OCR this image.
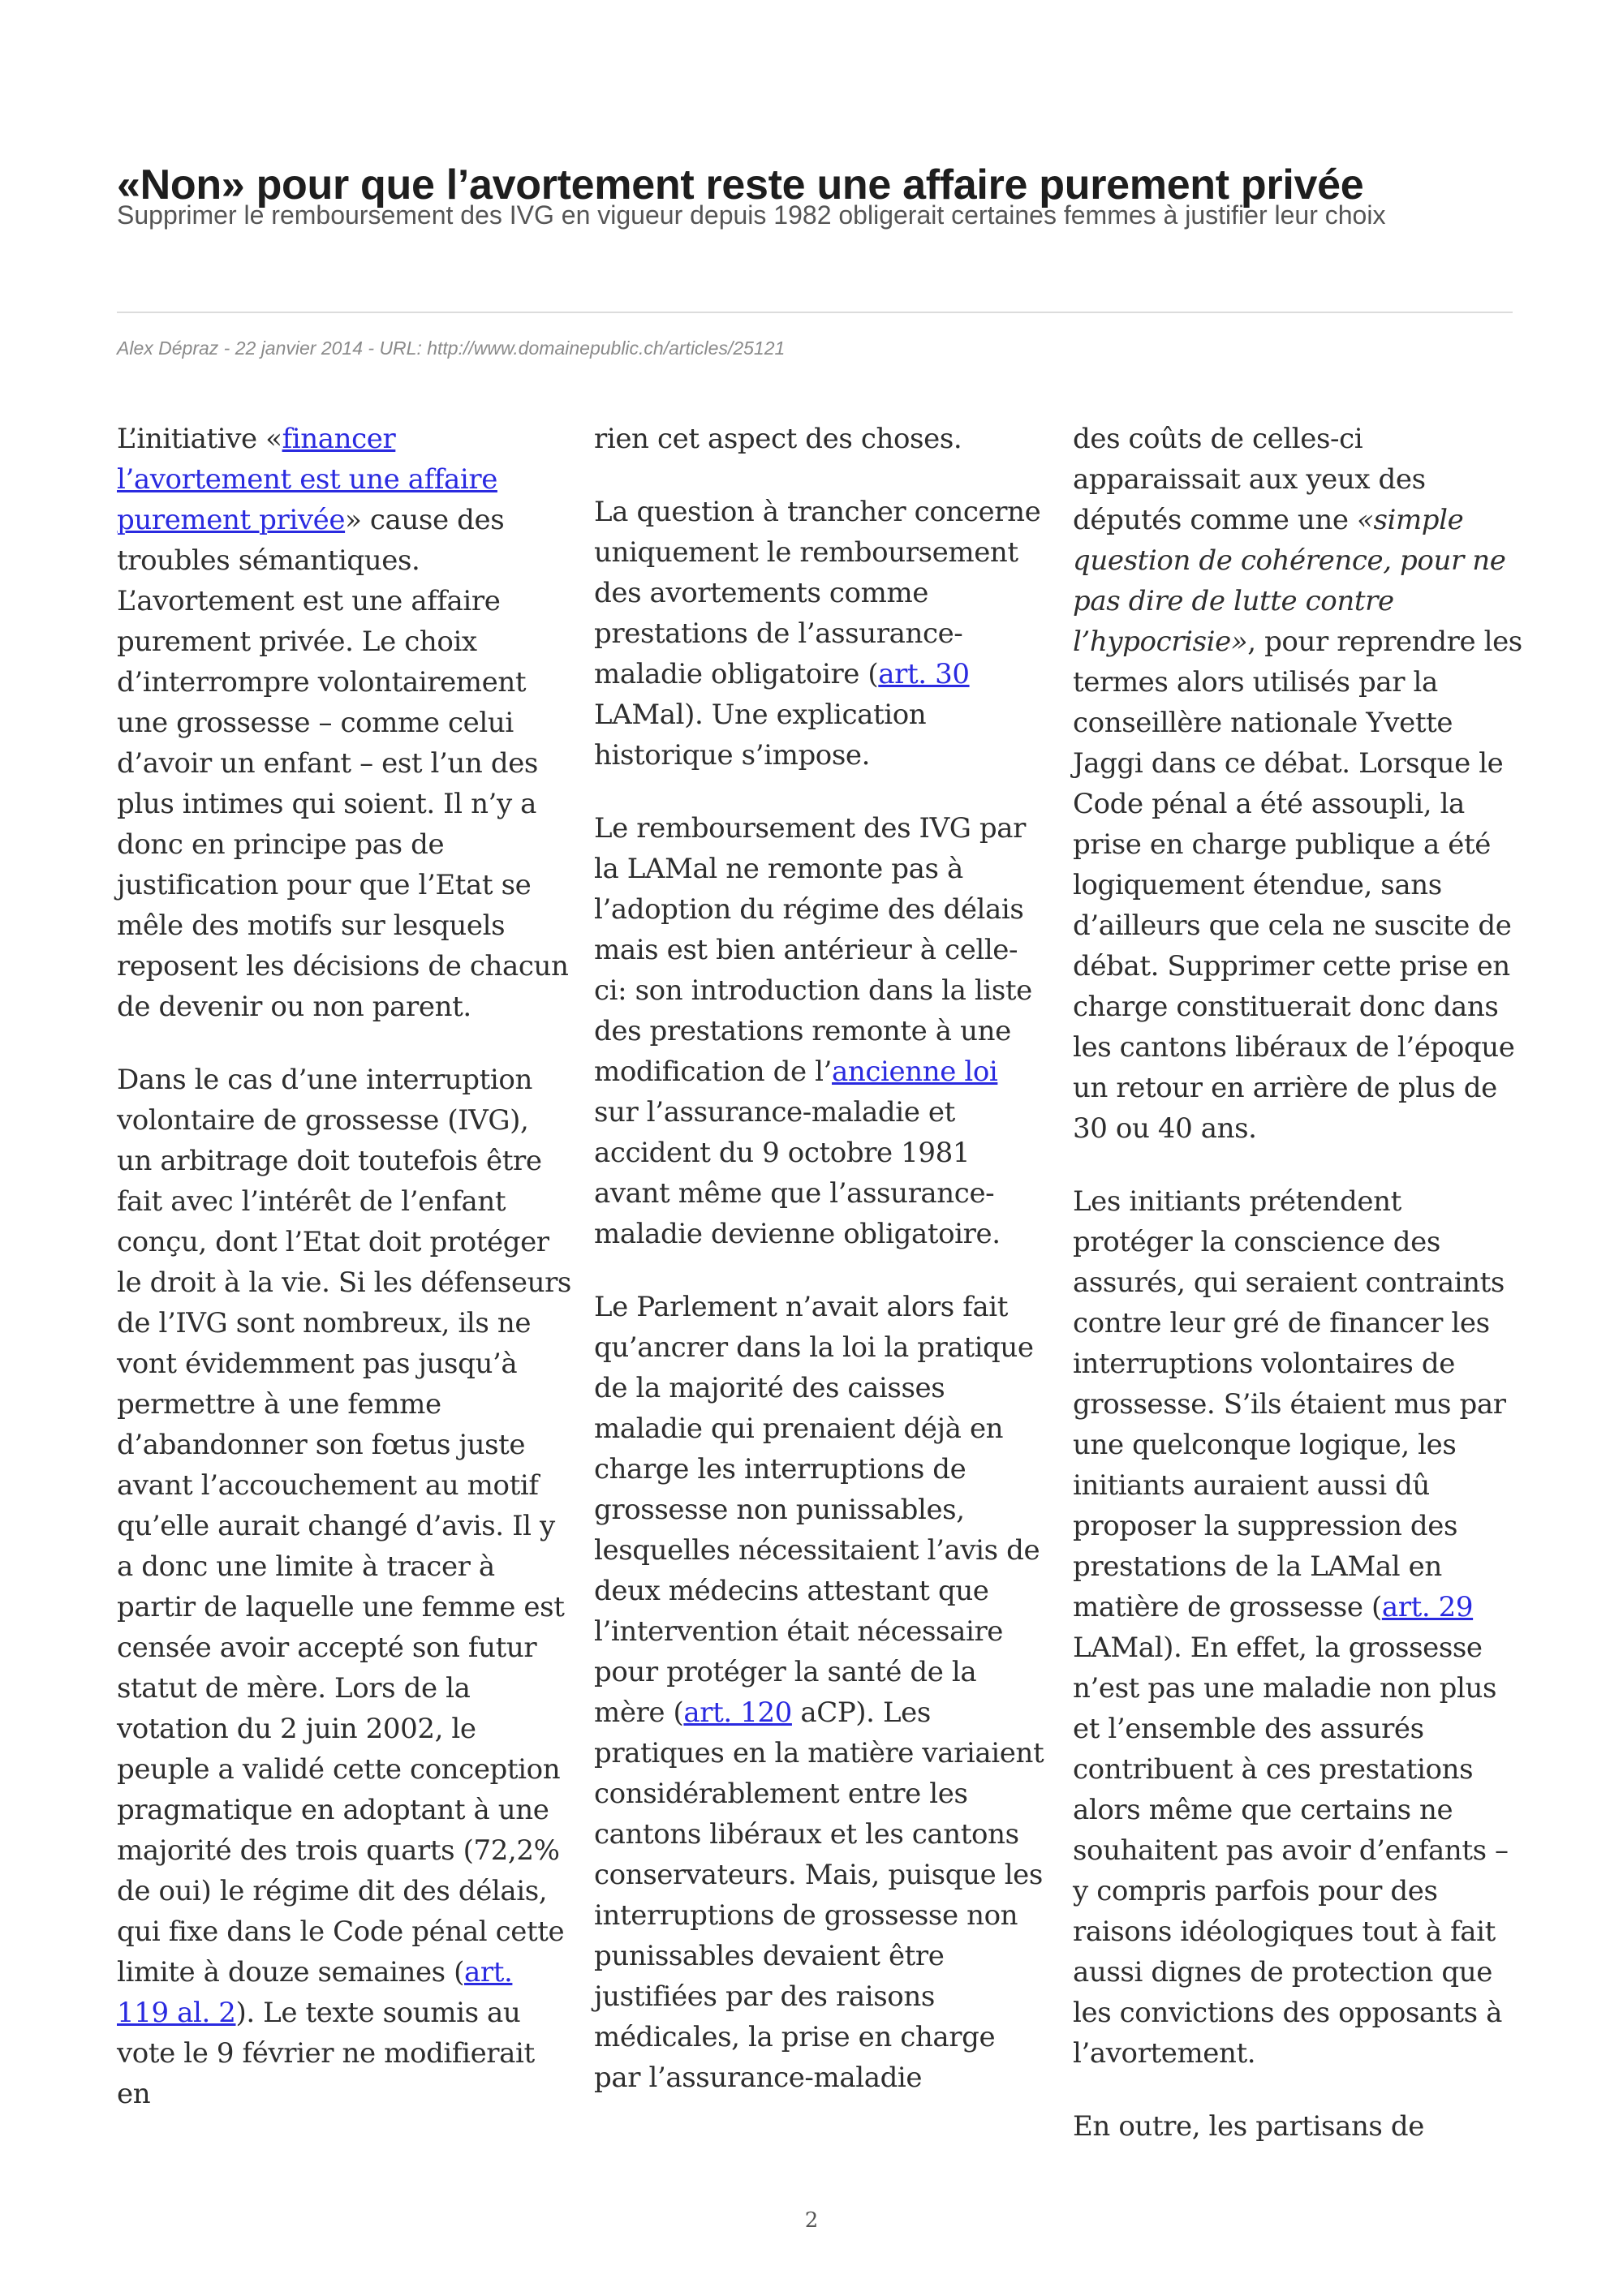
«Non» pour que l’avortement reste une affaire purement privée
Supprimer le remboursement des IVG en vigueur depuis 1982 obligerait certaines femmes à justifier leur choix
Alex Dépraz - 22 janvier 2014 - URL: http://www.domainepublic.ch/articles/25121

L’initiative «financer l’avortement est une affaire purement privée» cause des troubles sémantiques. L’avortement est une affaire purement privée. Le choix d’interrompre volontairement une grossesse – comme celui d’avoir un enfant – est l’un des plus intimes qui soient. Il n’y a donc en principe pas de justification pour que l’Etat se mêle des motifs sur lesquels reposent les décisions de chacun de devenir ou non parent.

Dans le cas d’une interruption volontaire de grossesse (IVG), un arbitrage doit toutefois être fait avec l’intérêt de l’enfant conçu, dont l’Etat doit protéger le droit à la vie. Si les défenseurs de l’IVG sont nombreux, ils ne vont évidemment pas jusqu’à permettre à une femme d’abandonner son fœtus juste avant l’accouchement au motif qu’elle aurait changé d’avis. Il y a donc une limite à tracer à partir de laquelle une femme est censée avoir accepté son futur statut de mère. Lors de la votation du 2 juin 2002, le peuple a validé cette conception pragmatique en adoptant à une majorité des trois quarts (72,2% de oui) le régime dit des délais, qui fixe dans le Code pénal cette limite à douze semaines (art. 119 al. 2). Le texte soumis au vote le 9 février ne modifierait en

rien cet aspect des choses.

La question à trancher concerne uniquement le remboursement des avortements comme prestations de l’assurance-maladie obligatoire (art. 30 LAMal). Une explication historique s’impose.

Le remboursement des IVG par la LAMal ne remonte pas à l’adoption du régime des délais mais est bien antérieur à celle-ci: son introduction dans la liste des prestations remonte à une modification de l’ancienne loi sur l’assurance-maladie et accident du 9 octobre 1981 avant même que l’assurance-maladie devienne obligatoire.

Le Parlement n’avait alors fait qu’ancrer dans la loi la pratique de la majorité des caisses maladie qui prenaient déjà en charge les interruptions de grossesse non punissables, lesquelles nécessitaient l’avis de deux médecins attestant que l’intervention était nécessaire pour protéger la santé de la mère (art. 120 aCP). Les pratiques en la matière variaient considérablement entre les cantons libéraux et les cantons conservateurs. Mais, puisque les interruptions de grossesse non punissables devaient être justifiées par des raisons médicales, la prise en charge par l’assurance-maladie

des coûts de celles-ci apparaissait aux yeux des députés comme une «simple question de cohérence, pour ne pas dire de lutte contre l’hypocrisie», pour reprendre les termes alors utilisés par la conseillère nationale Yvette Jaggi dans ce débat. Lorsque le Code pénal a été assoupli, la prise en charge publique a été logiquement étendue, sans d’ailleurs que cela ne suscite de débat. Supprimer cette prise en charge constituerait donc dans les cantons libéraux de l’époque un retour en arrière de plus de 30 ou 40 ans.

Les initiants prétendent protéger la conscience des assurés, qui seraient contraints contre leur gré de financer les interruptions volontaires de grossesse. S’ils étaient mus par une quelconque logique, les initiants auraient aussi dû proposer la suppression des prestations de la LAMal en matière de grossesse (art. 29 LAMal). En effet, la grossesse n’est pas une maladie non plus et l’ensemble des assurés contribuent à ces prestations alors même que certains ne souhaitent pas avoir d’enfants – y compris parfois pour des raisons idéologiques tout à fait aussi dignes de protection que les convictions des opposants à l’avortement.

En outre, les partisans de

2
